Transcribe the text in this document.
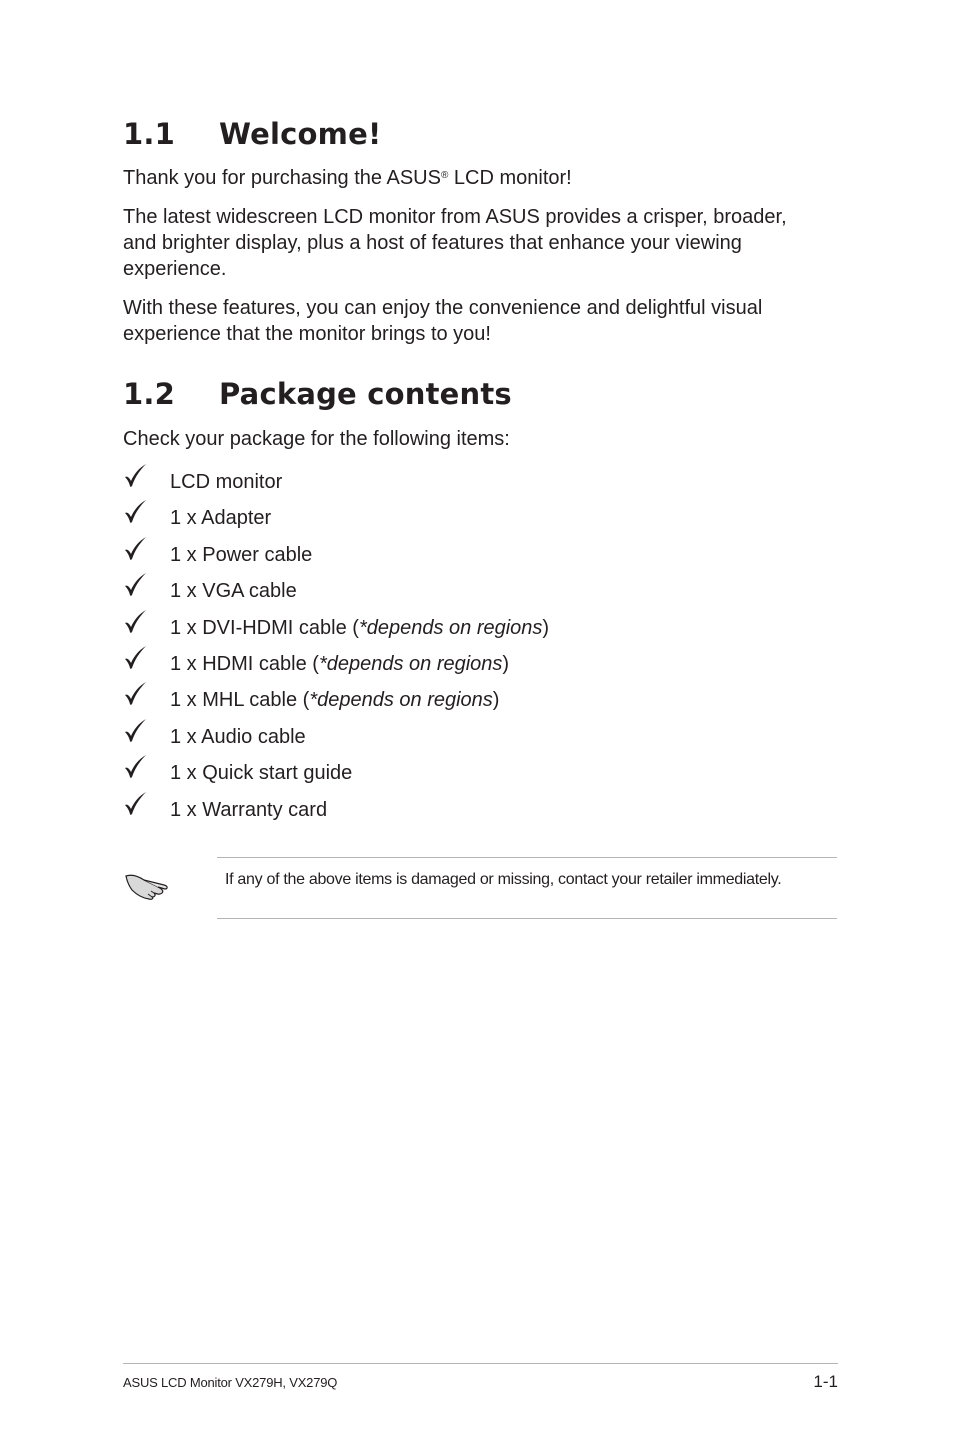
1.1 Welcome!

Thank you for purchasing the ASUS® LCD monitor!

The latest widescreen LCD monitor from ASUS provides a crisper, broader, and brighter display, plus a host of features that enhance your viewing experience.

With these features, you can enjoy the convenience and delightful visual experience that the monitor brings to you!

1.2 Package contents

Check your package for the following items:

LCD monitor
1 x Adapter
1 x Power cable
1 x VGA cable
1 x DVI-HDMI cable (*depends on regions)
1 x HDMI cable (*depends on regions)
1 x MHL cable (*depends on regions)
1 x Audio cable
1 x Quick start guide
1 x Warranty card

If any of the above items is damaged or missing, contact your retailer immediately.

ASUS LCD Monitor VX279H, VX279Q	1-1
